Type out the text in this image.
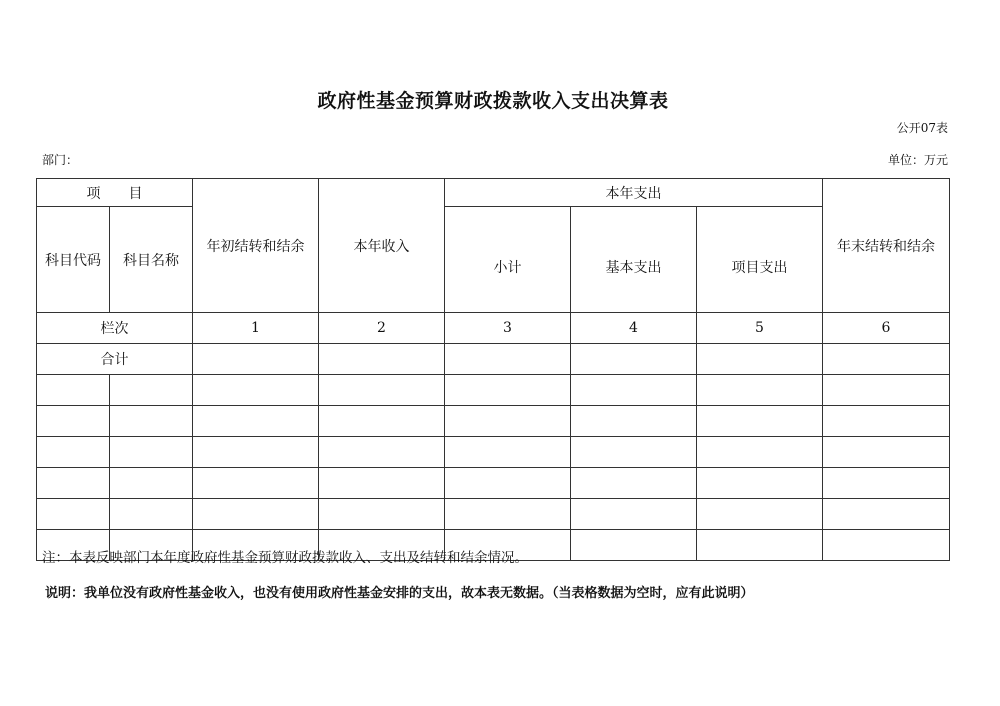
政府性基金预算财政拨款收入支出决算表
公开07表
部门：	单位：万元
项　　目		年初结转和结余	本年收入	本年支出			年末结转和结余
科目代码	科目名称			小计	基本支出	项目支出	
栏次		1	2	3	4	5	6
合计							

注：本表反映部门本年度政府性基金预算财政拨款收入、支出及结转和结余情况。
说明：我单位没有政府性基金收入，也没有使用政府性基金安排的支出，故本表无数据。（当表格数据为空时，应有此说明）
